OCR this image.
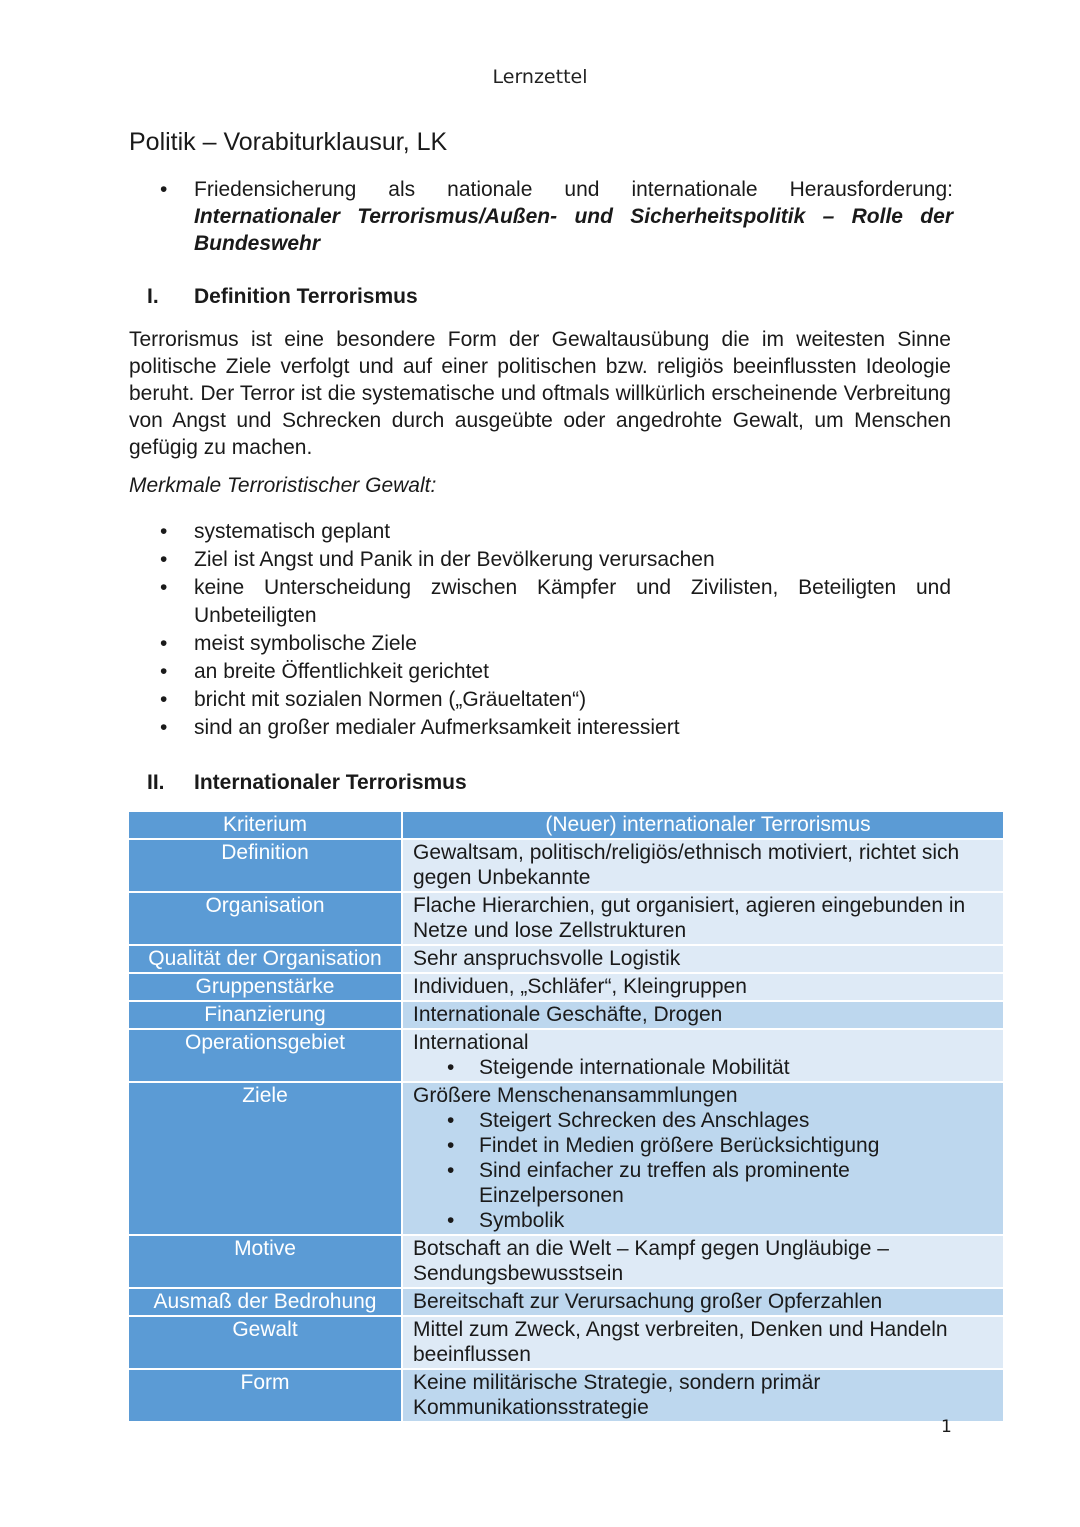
Lernzettel
Politik – Vorabiturklausur, LK
•
Friedensicherung als nationale und internationale Herausforderung:
Internationaler Terrorismus/Außen- und Sicherheitspolitik – Rolle der
Bundeswehr
I.	Definition Terrorismus
Terrorismus ist eine besondere Form der Gewaltausübung die im weitesten Sinne politische Ziele verfolgt und auf einer politischen bzw. religiös beeinflussten Ideologie beruht. Der Terror ist die systematische und oftmals willkürlich erscheinende Verbreitung von Angst und Schrecken durch ausgeübte oder angedrohte Gewalt, um Menschen gefügig zu machen.
Merkmale Terroristischer Gewalt:
•
systematisch geplant
•
Ziel ist Angst und Panik in der Bevölkerung verursachen
•
keine Unterscheidung zwischen Kämpfer und Zivilisten, Beteiligten und Unbeteiligten
•
meist symbolische Ziele
•
an breite Öffentlichkeit gerichtet
•
bricht mit sozialen Normen („Gräueltaten“)
•
sind an großer medialer Aufmerksamkeit interessiert
II.	Internationaler Terrorismus
Kriterium	(Neuer) internationaler Terrorismus
Definition	Gewaltsam, politisch/religiös/ethnisch motiviert, richtet sich gegen Unbekannte
Organisation	Flache Hierarchien, gut organisiert, agieren eingebunden in Netze und lose Zellstrukturen
Qualität der Organisation	Sehr anspruchsvolle Logistik
Gruppenstärke	Individuen, „Schläfer“, Kleingruppen
Finanzierung	Internationale Geschäfte, Drogen
Operationsgebiet	International
•
Steigende internationale Mobilität

Ziele	Größere Menschenansammlungen
•
Steigert Schrecken des Anschlages
•
Findet in Medien größere Berücksichtigung
•
Sind einfacher zu treffen als prominente Einzelpersonen
•
Symbolik

Motive	Botschaft an die Welt – Kampf gegen Ungläubige – Sendungsbewusstsein

Ausmaß der Bedrohung	Bereitschaft zur Verursachung großer Opferzahlen
Gewalt	Mittel zum Zweck, Angst verbreiten, Denken und Handeln beeinflussen
Form	Keine militärische Strategie, sondern primär Kommunikationsstrategie
1
